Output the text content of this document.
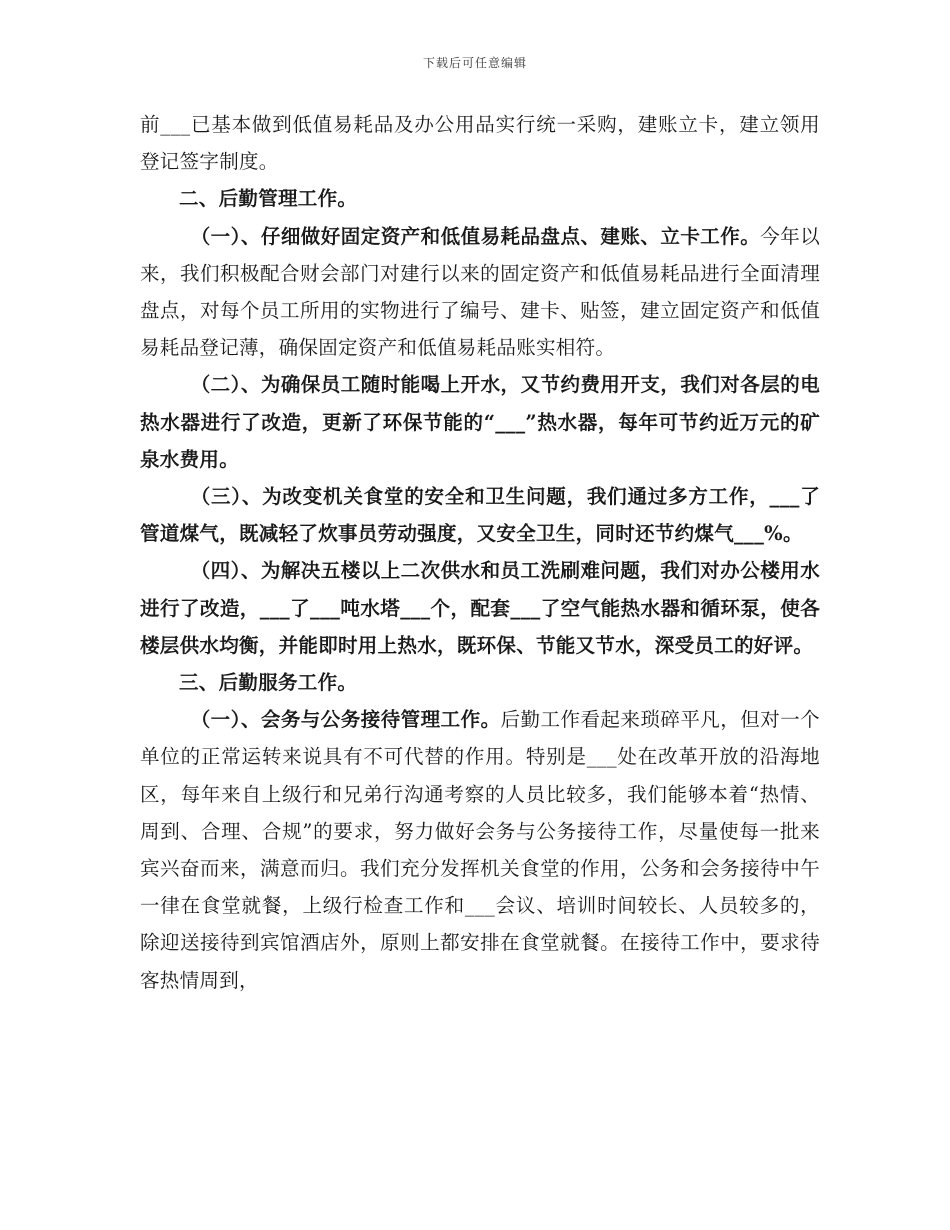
下载后可任意编辑

前___已基本做到低值易耗品及办公用品实行统一采购，建账立卡，建立领用登记签字制度。

二、后勤管理工作。

（一）、仔细做好固定资产和低值易耗品盘点、建账、立卡工作。今年以来，我们积极配合财会部门对建行以来的固定资产和低值易耗品进行全面清理盘点，对每个员工所用的实物进行了编号、建卡、贴签，建立固定资产和低值易耗品登记薄，确保固定资产和低值易耗品账实相符。

（二）、为确保员工随时能喝上开水，又节约费用开支，我们对各层的电热水器进行了改造，更新了环保节能的“___”热水器，每年可节约近万元的矿泉水费用。

（三）、为改变机关食堂的安全和卫生问题，我们通过多方工作，___了管道煤气，既减轻了炊事员劳动强度，又安全卫生，同时还节约煤气___%。

（四）、为解决五楼以上二次供水和员工洗刷难问题，我们对办公楼用水进行了改造，___了___吨水塔___个，配套___了空气能热水器和循环泵，使各楼层供水均衡，并能即时用上热水，既环保、节能又节水，深受员工的好评。

三、后勤服务工作。

（一）、会务与公务接待管理工作。后勤工作看起来琐碎平凡，但对一个单位的正常运转来说具有不可代替的作用。特别是___处在改革开放的沿海地区，每年来自上级行和兄弟行沟通考察的人员比较多，我们能够本着“热情、周到、合理、合规”的要求，努力做好会务与公务接待工作，尽量使每一批来宾兴奋而来，满意而归。我们充分发挥机关食堂的作用，公务和会务接待中午一律在食堂就餐，上级行检查工作和___会议、培训时间较长、人员较多的，除迎送接待到宾馆酒店外，原则上都安排在食堂就餐。在接待工作中，要求待客热情周到，
